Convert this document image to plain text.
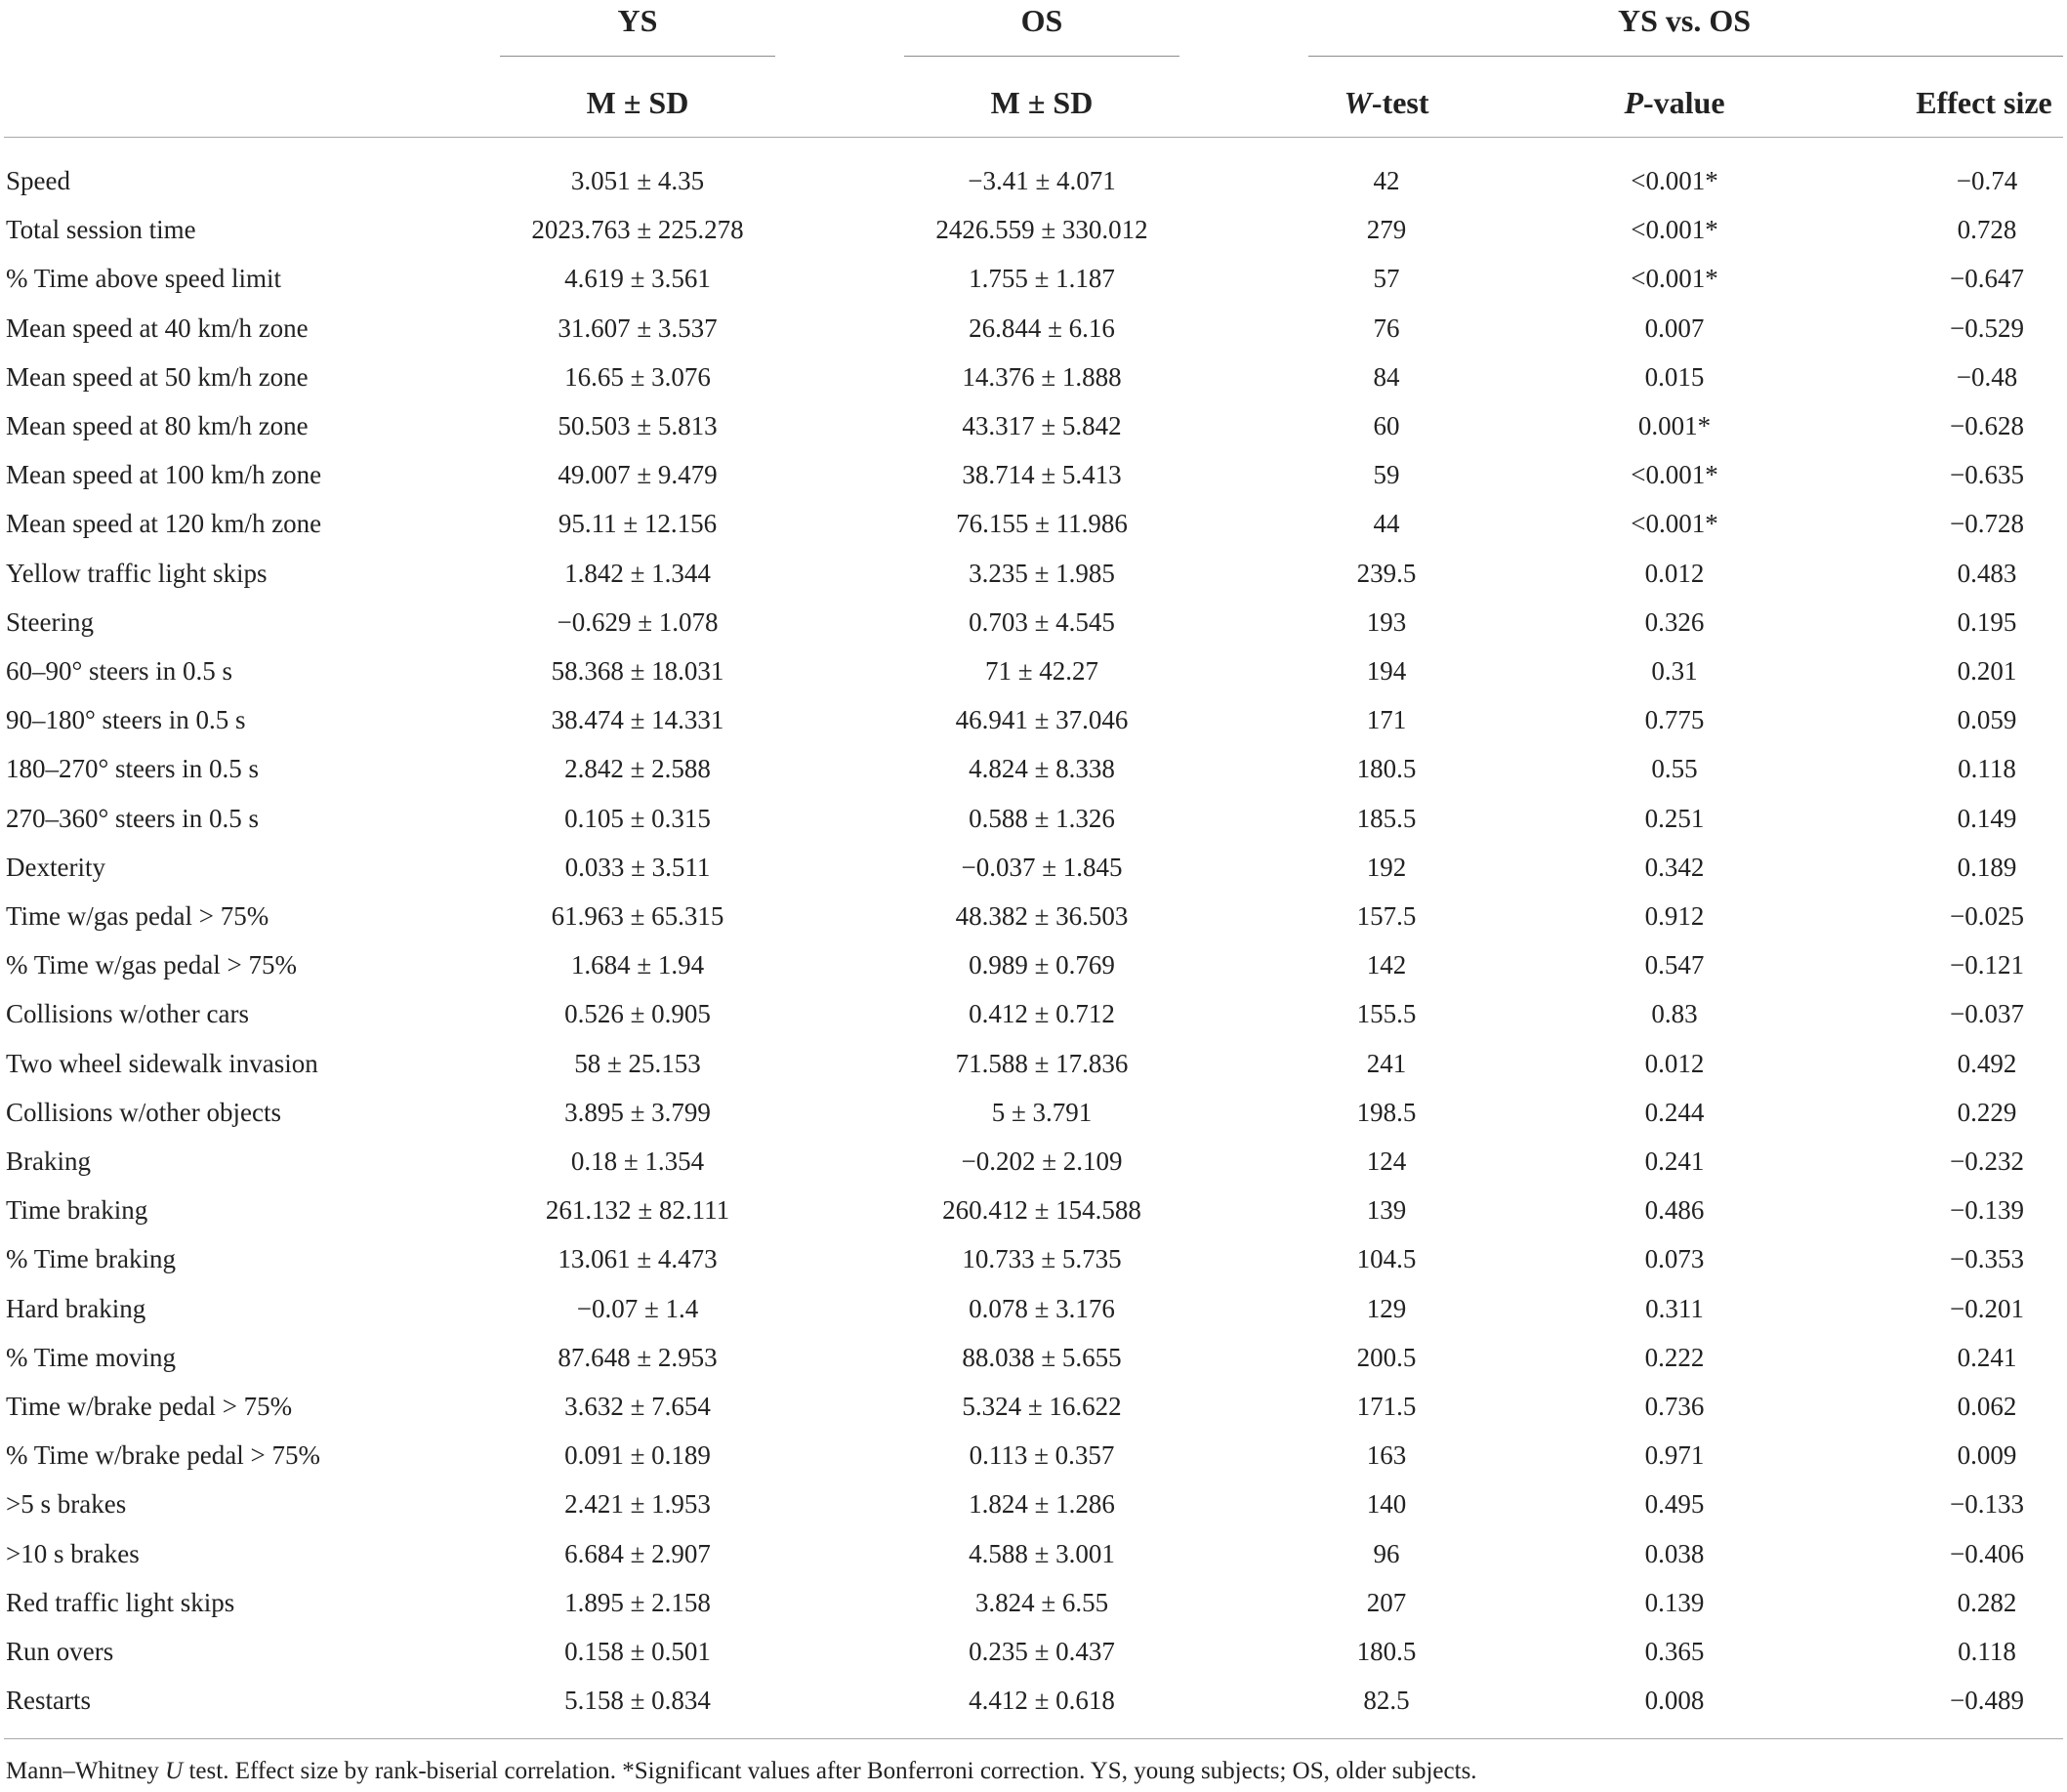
YS	OS	YS vs. OS
M ± SD	M ± SD	W-test	P-value	Effect size
Speed	3.051 ± 4.35	−3.41 ± 4.071	42	<0.001*	−0.74
Total session time	2023.763 ± 225.278	2426.559 ± 330.012	279	<0.001*	0.728
% Time above speed limit	4.619 ± 3.561	1.755 ± 1.187	57	<0.001*	−0.647
Mean speed at 40 km/h zone	31.607 ± 3.537	26.844 ± 6.16	76	0.007	−0.529
Mean speed at 50 km/h zone	16.65 ± 3.076	14.376 ± 1.888	84	0.015	−0.48
Mean speed at 80 km/h zone	50.503 ± 5.813	43.317 ± 5.842	60	0.001*	−0.628
Mean speed at 100 km/h zone	49.007 ± 9.479	38.714 ± 5.413	59	<0.001*	−0.635
Mean speed at 120 km/h zone	95.11 ± 12.156	76.155 ± 11.986	44	<0.001*	−0.728
Yellow traffic light skips	1.842 ± 1.344	3.235 ± 1.985	239.5	0.012	0.483
Steering	−0.629 ± 1.078	0.703 ± 4.545	193	0.326	0.195
60–90° steers in 0.5 s	58.368 ± 18.031	71 ± 42.27	194	0.31	0.201
90–180° steers in 0.5 s	38.474 ± 14.331	46.941 ± 37.046	171	0.775	0.059
180–270° steers in 0.5 s	2.842 ± 2.588	4.824 ± 8.338	180.5	0.55	0.118
270–360° steers in 0.5 s	0.105 ± 0.315	0.588 ± 1.326	185.5	0.251	0.149
Dexterity	0.033 ± 3.511	−0.037 ± 1.845	192	0.342	0.189
Time w/gas pedal > 75%	61.963 ± 65.315	48.382 ± 36.503	157.5	0.912	−0.025
% Time w/gas pedal > 75%	1.684 ± 1.94	0.989 ± 0.769	142	0.547	−0.121
Collisions w/other cars	0.526 ± 0.905	0.412 ± 0.712	155.5	0.83	−0.037
Two wheel sidewalk invasion	58 ± 25.153	71.588 ± 17.836	241	0.012	0.492
Collisions w/other objects	3.895 ± 3.799	5 ± 3.791	198.5	0.244	0.229
Braking	0.18 ± 1.354	−0.202 ± 2.109	124	0.241	−0.232
Time braking	261.132 ± 82.111	260.412 ± 154.588	139	0.486	−0.139
% Time braking	13.061 ± 4.473	10.733 ± 5.735	104.5	0.073	−0.353
Hard braking	−0.07 ± 1.4	0.078 ± 3.176	129	0.311	−0.201
% Time moving	87.648 ± 2.953	88.038 ± 5.655	200.5	0.222	0.241
Time w/brake pedal > 75%	3.632 ± 7.654	5.324 ± 16.622	171.5	0.736	0.062
% Time w/brake pedal > 75%	0.091 ± 0.189	0.113 ± 0.357	163	0.971	0.009
>5 s brakes	2.421 ± 1.953	1.824 ± 1.286	140	0.495	−0.133
>10 s brakes	6.684 ± 2.907	4.588 ± 3.001	96	0.038	−0.406
Red traffic light skips	1.895 ± 2.158	3.824 ± 6.55	207	0.139	0.282
Run overs	0.158 ± 0.501	0.235 ± 0.437	180.5	0.365	0.118
Restarts	5.158 ± 0.834	4.412 ± 0.618	82.5	0.008	−0.489
Mann–Whitney U test. Effect size by rank-biserial correlation. *Significant values after Bonferroni correction. YS, young subjects; OS, older subjects.
